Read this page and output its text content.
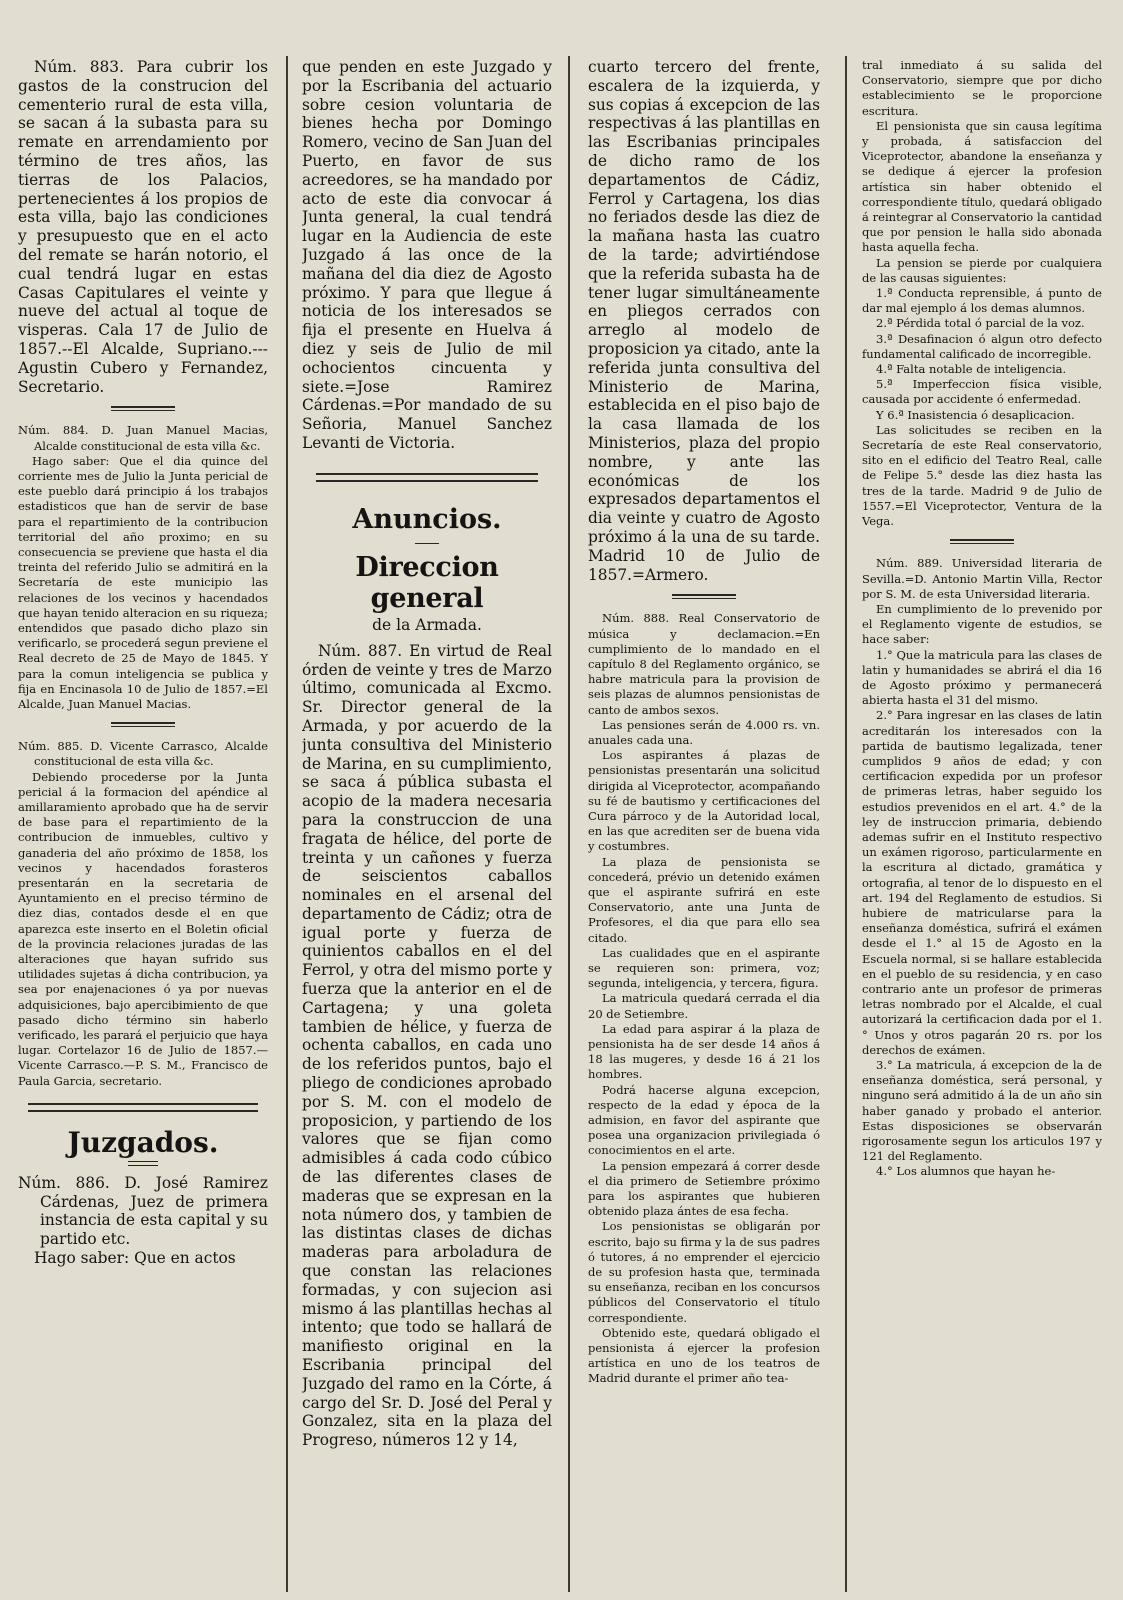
Núm. 883. Para cubrir los gastos de la construcion del cementerio rural de esta villa, se sacan á la subasta para su remate en arrendamiento por término de tres años, las tierras de los Palacios, pertenecientes á los propios de esta villa, bajo las condiciones y presupuesto que en el acto del remate se harán notorio, el cual tendrá lugar en estas Casas Capitulares el veinte y nueve del actual al toque de visperas. Cala 17 de Julio de 1857.--El Alcalde, Supriano.---Agustin Cubero y Fernandez, Secretario.

Núm. 884. D. Juan Manuel Macias, Alcalde constitucional de esta villa &c.

Hago saber: Que el dia quince del corriente mes de Julio la Junta pericial de este pueblo dará principio á los trabajos estadisticos que han de servir de base para el repartimiento de la contribucion territorial del año proximo; en su consecuencia se previene que hasta el dia treinta del referido Julio se admitirá en la Secretaría de este municipio las relaciones de los vecinos y hacendados que hayan tenido alteracion en su riqueza; entendidos que pasado dicho plazo sin verificarlo, se procederá segun previene el Real decreto de 25 de Mayo de 1845. Y para la comun inteligencia se publica y fija en Encinasola 10 de Julio de 1857.=El Alcalde, Juan Manuel Macias.

Núm. 885. D. Vicente Carrasco, Alcalde constitucional de esta villa &c.

Debiendo procederse por la Junta pericial á la formacion del apéndice al amillaramiento aprobado que ha de servir de base para el repartimiento de la contribucion de inmuebles, cultivo y ganaderia del año próximo de 1858, los vecinos y hacendados forasteros presentarán en la secretaria de Ayuntamiento en el preciso término de diez dias, contados desde el en que aparezca este inserto en el Boletin oficial de la provincia relaciones juradas de las alteraciones que hayan sufrido sus utilidades sujetas á dicha contribucion, ya sea por enajenaciones ó ya por nuevas adquisiciones, bajo apercibimiento de que pasado dicho término sin haberlo verificado, les parará el perjuicio que haya lugar. Cortelazor 16 de Julio de 1857.—Vicente Carrasco.—P. S. M., Francisco de Paula Garcia, secretario.

Juzgados.

Núm. 886. D. José Ramirez Cárdenas, Juez de primera instancia de esta capital y su partido etc.

Hago saber: Que en actos

que penden en este Juzgado y por la Escribania del actuario sobre cesion voluntaria de bienes hecha por Domingo Romero, vecino de San Juan del Puerto, en favor de sus acreedores, se ha mandado por acto de este dia convocar á Junta general, la cual tendrá lugar en la Audiencia de este Juzgado á las once de la mañana del dia diez de Agosto próximo. Y para que llegue á noticia de los interesados se fija el presente en Huelva á diez y seis de Julio de mil ochocientos cincuenta y siete.=Jose Ramirez Cárdenas.=Por mandado de su Señoria, Manuel Sanchez Levanti de Victoria.

Anuncios.
Direccion general
de la Armada.

Núm. 887. En virtud de Real órden de veinte y tres de Marzo último, comunicada al Excmo. Sr. Director general de la Armada, y por acuerdo de la junta consultiva del Ministerio de Marina, en su cumplimiento, se saca á pública subasta el acopio de la madera necesaria para la construccion de una fragata de hélice, del porte de treinta y un cañones y fuerza de seiscientos caballos nominales en el arsenal del departamento de Cádiz; otra de igual porte y fuerza de quinientos caballos en el del Ferrol, y otra del mismo porte y fuerza que la anterior en el de Cartagena; y una goleta tambien de hélice, y fuerza de ochenta caballos, en cada uno de los referidos puntos, bajo el pliego de condiciones aprobado por S. M. con el modelo de proposicion, y partiendo de los valores que se fijan como admisibles á cada codo cúbico de las diferentes clases de maderas que se expresan en la nota número dos, y tambien de las distintas clases de dichas maderas para arboladura de que constan las relaciones formadas, y con sujecion asi mismo á las plantillas hechas al intento; que todo se hallará de manifiesto original en la Escribania principal del Juzgado del ramo en la Córte, á cargo del Sr. D. José del Peral y Gonzalez, sita en la plaza del Progreso, números 12 y 14,

cuarto tercero del frente, escalera de la izquierda, y sus copias á excepcion de las respectivas á las plantillas en las Escribanias principales de dicho ramo de los departamentos de Cádiz, Ferrol y Cartagena, los dias no feriados desde las diez de la mañana hasta las cuatro de la tarde; advirtiéndose que la referida subasta ha de tener lugar simultáneamente en pliegos cerrados con arreglo al modelo de proposicion ya citado, ante la referida junta consultiva del Ministerio de Marina, establecida en el piso bajo de la casa llamada de los Ministerios, plaza del propio nombre, y ante las económicas de los expresados departamentos el dia veinte y cuatro de Agosto próximo á la una de su tarde. Madrid 10 de Julio de 1857.=Armero.

Núm. 888. Real Conservatorio de música y declamacion.=En cumplimiento de lo mandado en el capítulo 8 del Reglamento orgánico, se habre matricula para la provision de seis plazas de alumnos pensionistas de canto de ambos sexos.

Las pensiones serán de 4.000 rs. vn. anuales cada una.

Los aspirantes á plazas de pensionistas presentarán una solicitud dirigida al Viceprotector, acompañando su fé de bautismo y certificaciones del Cura párroco y de la Autoridad local, en las que acrediten ser de buena vida y costumbres.

La plaza de pensionista se concederá, prévio un detenido exámen que el aspirante sufrirá en este Conservatorio, ante una Junta de Profesores, el dia que para ello sea citado.

Las cualidades que en el aspirante se requieren son: primera, voz; segunda, inteligencia, y tercera, figura.

La matricula quedará cerrada el dia 20 de Setiembre.

La edad para aspirar á la plaza de pensionista ha de ser desde 14 años á 18 las mugeres, y desde 16 á 21 los hombres.

Podrá hacerse alguna excepcion, respecto de la edad y época de la admision, en favor del aspirante que posea una organizacion privilegiada ó conocimientos en el arte.

La pension empezará á correr desde el dia primero de Setiembre próximo para los aspirantes que hubieren obtenido plaza ántes de esa fecha.

Los pensionistas se obligarán por escrito, bajo su firma y la de sus padres ó tutores, á no emprender el ejercicio de su profesion hasta que, terminada su enseñanza, reciban en los concursos públicos del Conservatorio el título correspondiente.

Obtenido este, quedará obligado el pensionista á ejercer la profesion artística en uno de los teatros de Madrid durante el primer año tea-

tral inmediato á su salida del Conservatorio, siempre que por dicho establecimiento se le proporcione escritura.

El pensionista que sin causa legítima y probada, á satisfaccion del Viceprotector, abandone la enseñanza y se dedique á ejercer la profesion artística sin haber obtenido el correspondiente título, quedará obligado á reintegrar al Conservatorio la cantidad que por pension le halla sido abonada hasta aquella fecha.

La pension se pierde por cualquiera de las causas siguientes:

1.ª Conducta reprensible, á punto de dar mal ejemplo á los demas alumnos.

2.ª Pérdida total ó parcial de la voz.

3.ª Desafinacion ó algun otro defecto fundamental calificado de incorregible.

4.ª Falta notable de inteligencia.

5.ª Imperfeccion física visible, causada por accidente ó enfermedad.

Y 6.ª Inasistencia ó desaplicacion.

Las solicitudes se reciben en la Secretaría de este Real conservatorio, sito en el edificio del Teatro Real, calle de Felipe 5.° desde las diez hasta las tres de la tarde. Madrid 9 de Julio de 1557.=El Viceprotector, Ventura de la Vega.

Núm. 889. Universidad literaria de Sevilla.=D. Antonio Martin Villa, Rector por S. M. de esta Universidad literaria.

En cumplimiento de lo prevenido por el Reglamento vigente de estudios, se hace saber:

1.° Que la matricula para las clases de latin y humanidades se abrirá el dia 16 de Agosto próximo y permanecerá abierta hasta el 31 del mismo.

2.° Para ingresar en las clases de latin acreditarán los interesados con la partida de bautismo legalizada, tener cumplidos 9 años de edad; y con certificacion expedida por un profesor de primeras letras, haber seguido los estudios prevenidos en el art. 4.° de la ley de instruccion primaria, debiendo ademas sufrir en el Instituto respectivo un exámen rigoroso, particularmente en la escritura al dictado, gramática y ortografia, al tenor de lo dispuesto en el art. 194 del Reglamento de estudios. Si hubiere de matricularse para la enseñanza doméstica, sufrirá el exámen desde el 1.° al 15 de Agosto en la Escuela normal, si se hallare establecida en el pueblo de su residencia, y en caso contrario ante un profesor de primeras letras nombrado por el Alcalde, el cual autorizará la certificacion dada por el 1.° Unos y otros pagarán 20 rs. por los derechos de exámen.

3.° La matricula, á excepcion de la de enseñanza doméstica, será personal, y ninguno será admitido á la de un año sin haber ganado y probado el anterior. Estas disposiciones se observarán rigorosamente segun los articulos 197 y 121 del Reglamento.

4.° Los alumnos que hayan he-
